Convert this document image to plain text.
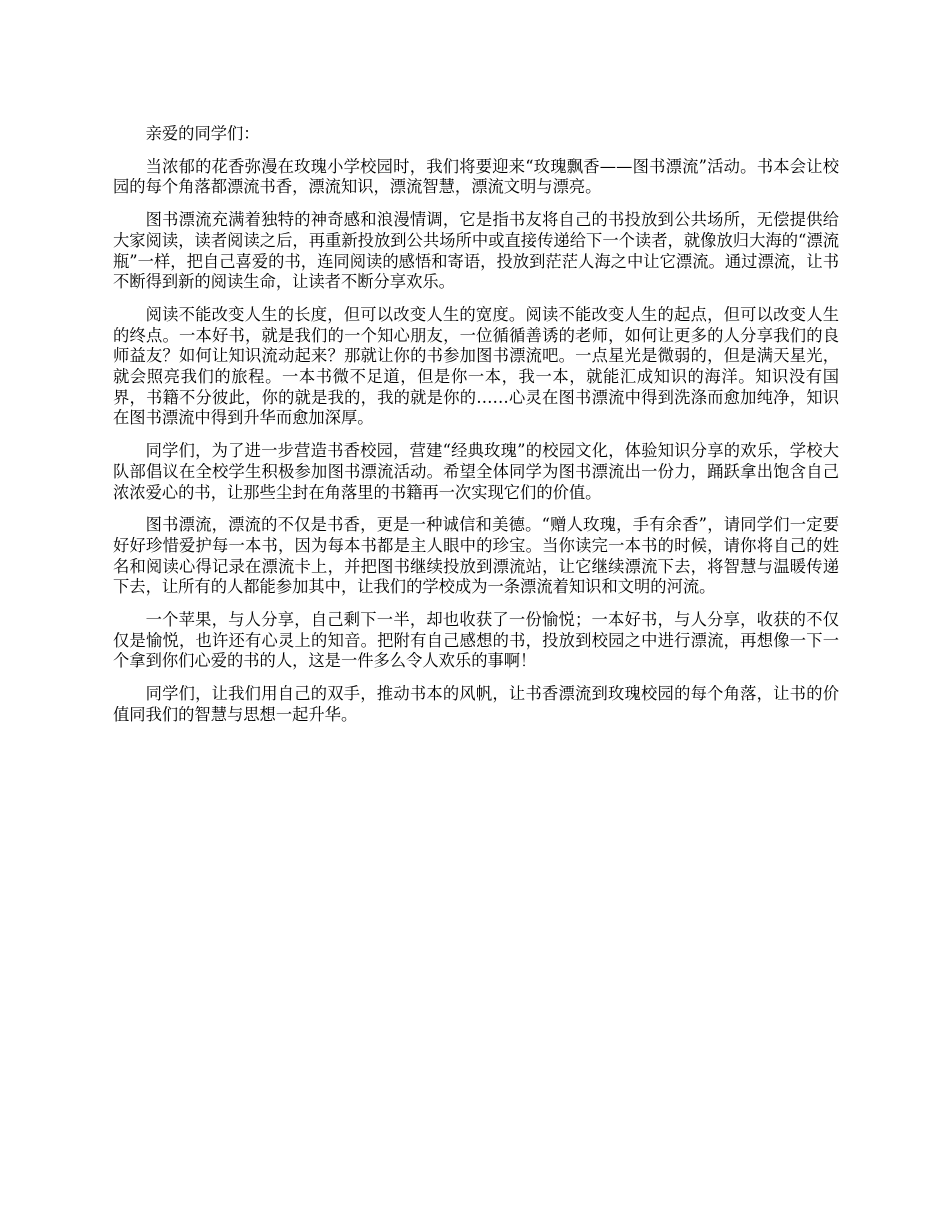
亲爱的同学们：

当浓郁的花香弥漫在玫瑰小学校园时，我们将要迎来“玫瑰飘香——图书漂流”活动。书本会让校园的每个角落都漂流书香，漂流知识，漂流智慧，漂流文明与漂亮。

图书漂流充满着独特的神奇感和浪漫情调，它是指书友将自己的书投放到公共场所，无偿提供给大家阅读，读者阅读之后，再重新投放到公共场所中或直接传递给下一个读者，就像放归大海的“漂流瓶”一样，把自己喜爱的书，连同阅读的感悟和寄语，投放到茫茫人海之中让它漂流。通过漂流，让书不断得到新的阅读生命，让读者不断分享欢乐。

阅读不能改变人生的长度，但可以改变人生的宽度。阅读不能改变人生的起点，但可以改变人生的终点。一本好书，就是我们的一个知心朋友，一位循循善诱的老师，如何让更多的人分享我们的良师益友？如何让知识流动起来？那就让你的书参加图书漂流吧。一点星光是微弱的，但是满天星光，就会照亮我们的旅程。一本书微不足道，但是你一本，我一本，就能汇成知识的海洋。知识没有国界，书籍不分彼此，你的就是我的，我的就是你的……心灵在图书漂流中得到洗涤而愈加纯净，知识在图书漂流中得到升华而愈加深厚。

同学们，为了进一步营造书香校园，营建“经典玫瑰”的校园文化，体验知识分享的欢乐，学校大队部倡议在全校学生积极参加图书漂流活动。希望全体同学为图书漂流出一份力，踊跃拿出饱含自己浓浓爱心的书，让那些尘封在角落里的书籍再一次实现它们的价值。

图书漂流，漂流的不仅是书香，更是一种诚信和美德。“赠人玫瑰，手有余香”，请同学们一定要好好珍惜爱护每一本书，因为每本书都是主人眼中的珍宝。当你读完一本书的时候，请你将自己的姓名和阅读心得记录在漂流卡上，并把图书继续投放到漂流站，让它继续漂流下去，将智慧与温暖传递下去，让所有的人都能参加其中，让我们的学校成为一条漂流着知识和文明的河流。

一个苹果，与人分享，自己剩下一半，却也收获了一份愉悦；一本好书，与人分享，收获的不仅仅是愉悦，也许还有心灵上的知音。把附有自己感想的书，投放到校园之中进行漂流，再想像一下一个拿到你们心爱的书的人，这是一件多么令人欢乐的事啊！

同学们，让我们用自己的双手，推动书本的风帆，让书香漂流到玫瑰校园的每个角落，让书的价值同我们的智慧与思想一起升华。
